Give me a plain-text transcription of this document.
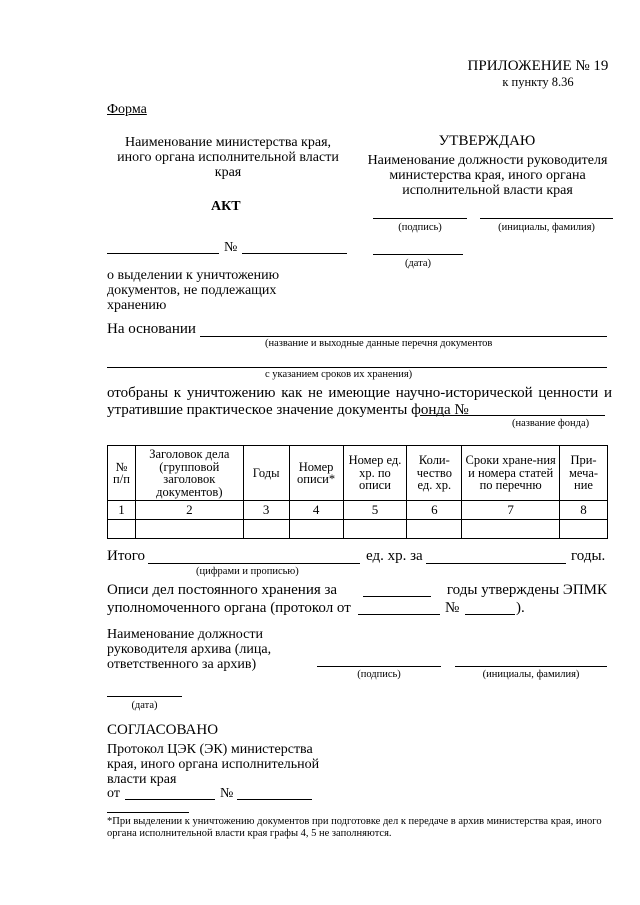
ПРИЛОЖЕНИЕ № 19
к пункту 8.36
Форма
Наименование министерства края, иного органа исполнительной власти края
АКТ
№
о выделении к уничтожению документов, не подлежащих хранению
УТВЕРЖДАЮ
Наименование должности руководителя министерства края, иного органа исполнительной власти края
(подпись)	(инициалы, фамилия)
(дата)
На основании
(название и выходные данные перечня документов
с указанием сроков их хранения)
отобраны к уничтожению как не имеющие научно-исторической ценности и утратившие практическое значение документы фонда №
(название фонда)
№ п/п	Заголовок дела (групповой заголовок документов)	Годы	Номер описи*	Номер ед. хр. по описи	Коли-чество ед. хр.	Сроки хране-ния и номера статей по перечню	При-меча-ние
1	2	3	4	5	6	7	8

Итого	ед. хр. за	годы.
(цифрами и прописью)
Описи дел постоянного хранения за	годы утверждены ЭПМК
уполномоченного органа (протокол от	№	).
Наименование должности руководителя архива (лица, ответственного за архив)
(подпись)	(инициалы, фамилия)
(дата)
СОГЛАСОВАНО
Протокол ЦЭК (ЭК) министерства края, иного органа исполнительной власти края
от	№
*При выделении к уничтожению документов при подготовке дел к передаче в архив министерства края, иного органа исполнительной власти края графы 4, 5 не заполняются.
